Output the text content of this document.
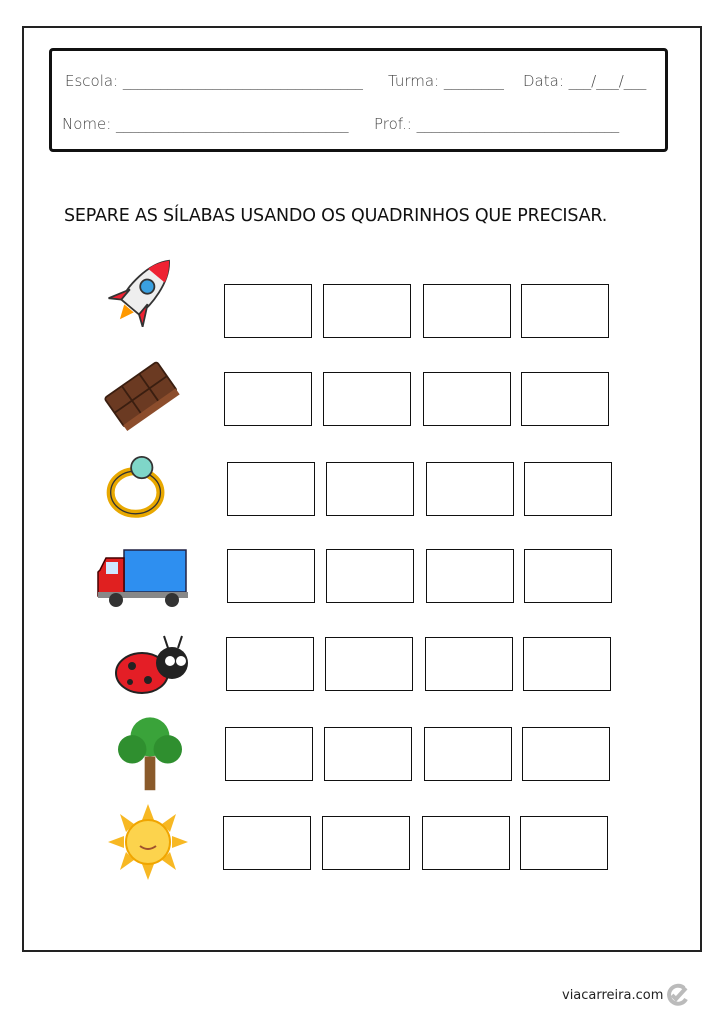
Escola: ________________________________ Turma: ________ Data: ___/___/___
Nome: _______________________________ Prof.: ___________________________
SEPARE AS SÍLABAS USANDO OS QUADRINHOS QUE PRECISAR.
viacarreira.com
